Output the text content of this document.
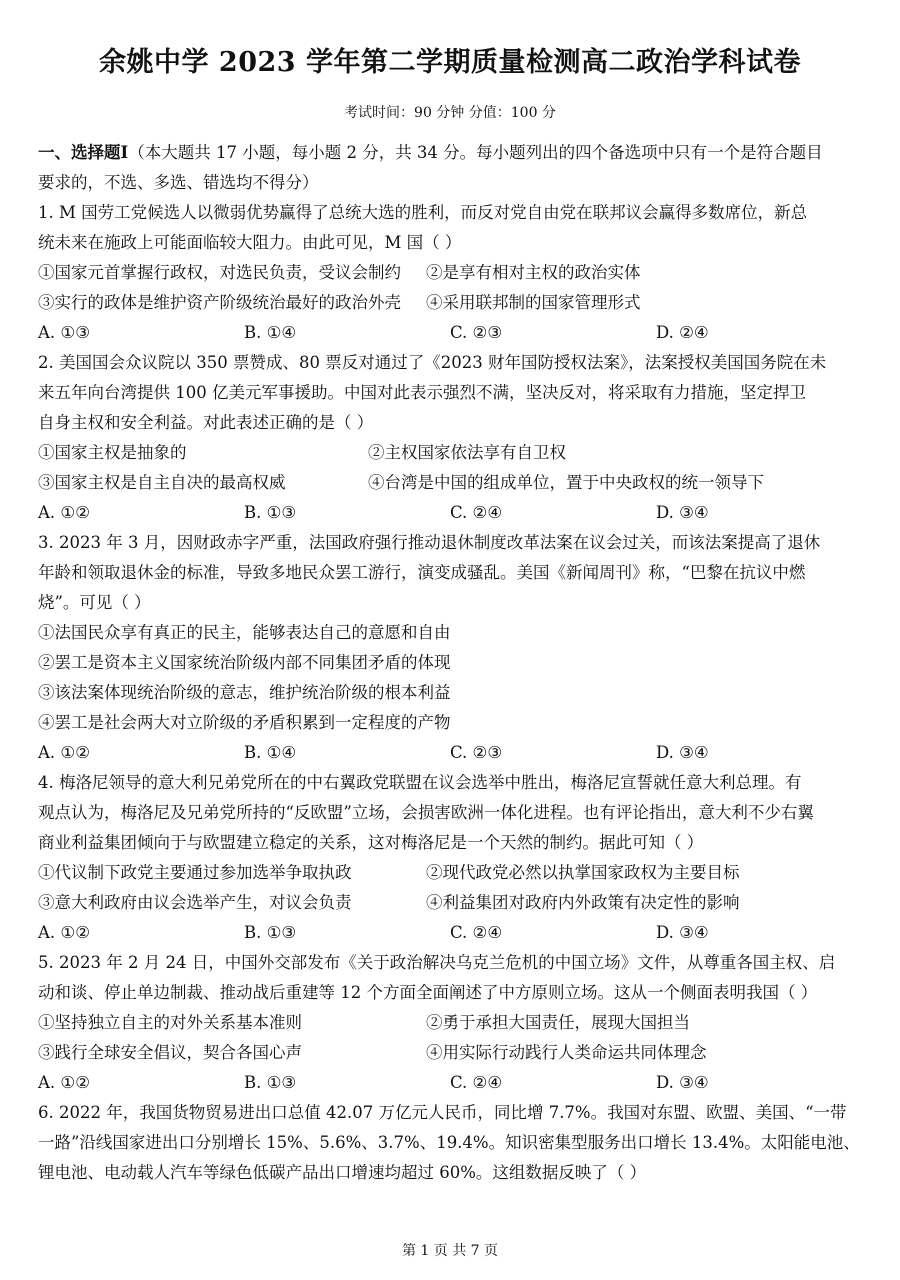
余姚中学 2023 学年第二学期质量检测高二政治学科试卷
考试时间：90 分钟 分值：100 分
一、选择题Ⅰ（本大题共 17 小题，每小题 2 分，共 34 分。每小题列出的四个备选项中只有一个是符合题目
要求的，不选、多选、错选均不得分）
1. M 国劳工党候选人以微弱优势赢得了总统大选的胜利，而反对党自由党在联邦议会赢得多数席位，新总
统未来在施政上可能面临较大阻力。由此可见，M 国（ ）
①国家元首掌握行政权，对选民负责，受议会制约	②是享有相对主权的政治实体
③实行的政体是维护资产阶级统治最好的政治外壳	④采用联邦制的国家管理形式
A. ①③	B. ①④	C. ②③	D. ②④
2. 美国国会众议院以 350 票赞成、80 票反对通过了《2023 财年国防授权法案》，法案授权美国国务院在未
来五年向台湾提供 100 亿美元军事援助。中国对此表示强烈不满，坚决反对，将采取有力措施，坚定捍卫
自身主权和安全利益。对此表述正确的是（ ）
①国家主权是抽象的	②主权国家依法享有自卫权
③国家主权是自主自决的最高权威	④台湾是中国的组成单位，置于中央政权的统一领导下
A. ①②	B. ①③	C. ②④	D. ③④
3. 2023 年 3 月，因财政赤字严重，法国政府强行推动退休制度改革法案在议会过关，而该法案提高了退休
年龄和领取退休金的标准，导致多地民众罢工游行，演变成骚乱。美国《新闻周刊》称，“巴黎在抗议中燃
烧”。可见（ ）
①法国民众享有真正的民主，能够表达自己的意愿和自由
②罢工是资本主义国家统治阶级内部不同集团矛盾的体现
③该法案体现统治阶级的意志，维护统治阶级的根本利益
④罢工是社会两大对立阶级的矛盾积累到一定程度的产物
A. ①②	B. ①④	C. ②③	D. ③④
4. 梅洛尼领导的意大利兄弟党所在的中右翼政党联盟在议会选举中胜出，梅洛尼宣誓就任意大利总理。有
观点认为，梅洛尼及兄弟党所持的“反欧盟”立场，会损害欧洲一体化进程。也有评论指出，意大利不少右翼
商业利益集团倾向于与欧盟建立稳定的关系，这对梅洛尼是一个天然的制约。据此可知（ ）
①代议制下政党主要通过参加选举争取执政	②现代政党必然以执掌国家政权为主要目标
③意大利政府由议会选举产生，对议会负责	④利益集团对政府内外政策有决定性的影响
A. ①②	B. ①③	C. ②④	D. ③④
5. 2023 年 2 月 24 日，中国外交部发布《关于政治解决乌克兰危机的中国立场》文件，从尊重各国主权、启
动和谈、停止单边制裁、推动战后重建等 12 个方面全面阐述了中方原则立场。这从一个侧面表明我国（ ）
①坚持独立自主的对外关系基本准则	②勇于承担大国责任，展现大国担当
③践行全球安全倡议，契合各国心声	④用实际行动践行人类命运共同体理念
A. ①②	B. ①③	C. ②④	D. ③④
6. 2022 年，我国货物贸易进出口总值 42.07 万亿元人民币，同比增 7.7%。我国对东盟、欧盟、美国、“一带
一路”沿线国家进出口分别增长 15%、5.6%、3.7%、19.4%。知识密集型服务出口增长 13.4%。太阳能电池、
锂电池、电动载人汽车等绿色低碳产品出口增速均超过 60%。这组数据反映了（ ）
第 1 页 共 7 页
